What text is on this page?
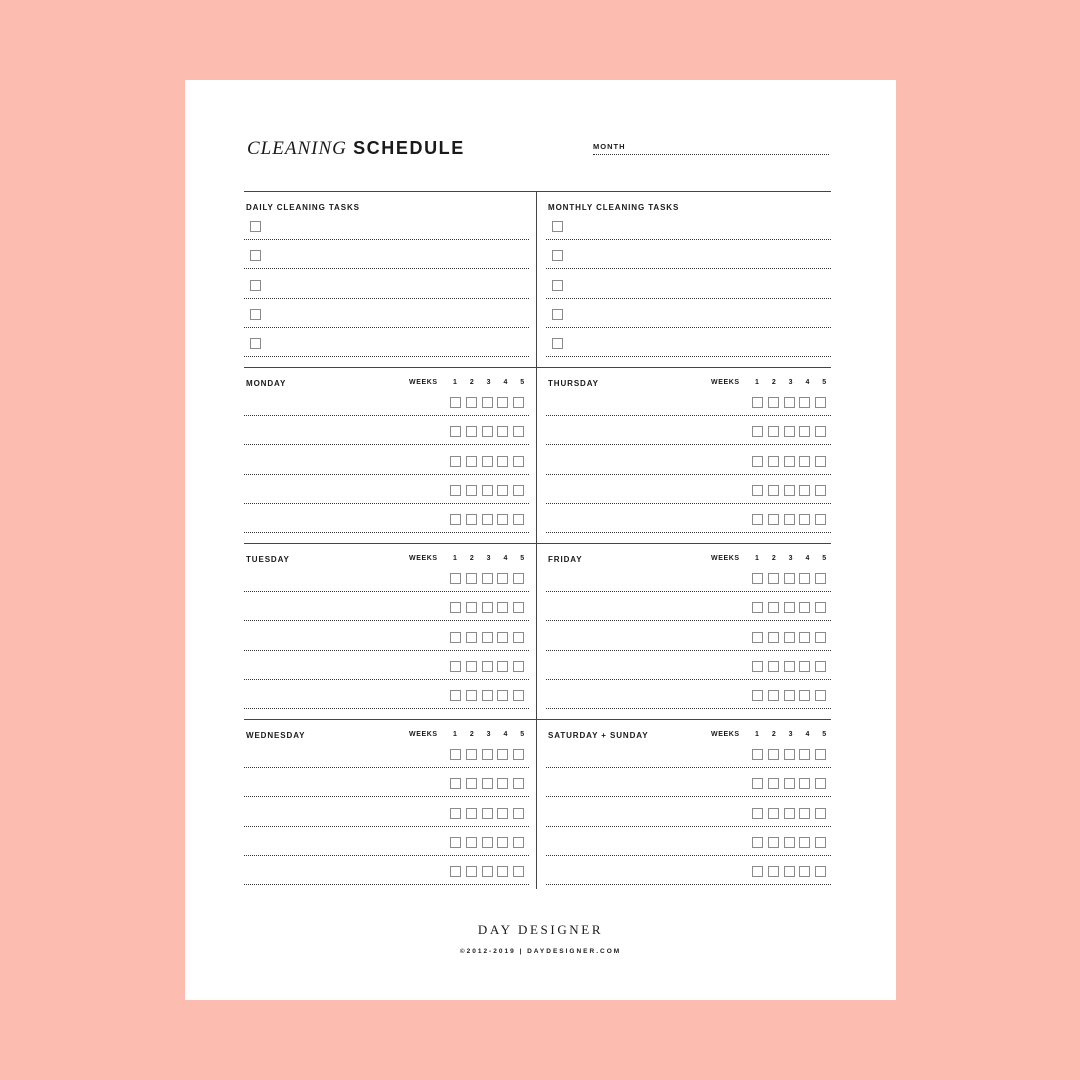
CLEANING SCHEDULE	MONTH
DAILY CLEANING TASKS	MONTHLY CLEANING TASKS
MONDAY	WEEKS	1	2	3	4	5	THURSDAY	WEEKS	1	2	3	4	5
TUESDAY	WEEKS	1	2	3	4	5	FRIDAY	WEEKS	1	2	3	4	5
WEDNESDAY	WEEKS	1	2	3	4	5	SATURDAY + SUNDAY	WEEKS	1	2	3	4	5
DAY DESIGNER
©2012-2019 | DAYDESIGNER.COM
